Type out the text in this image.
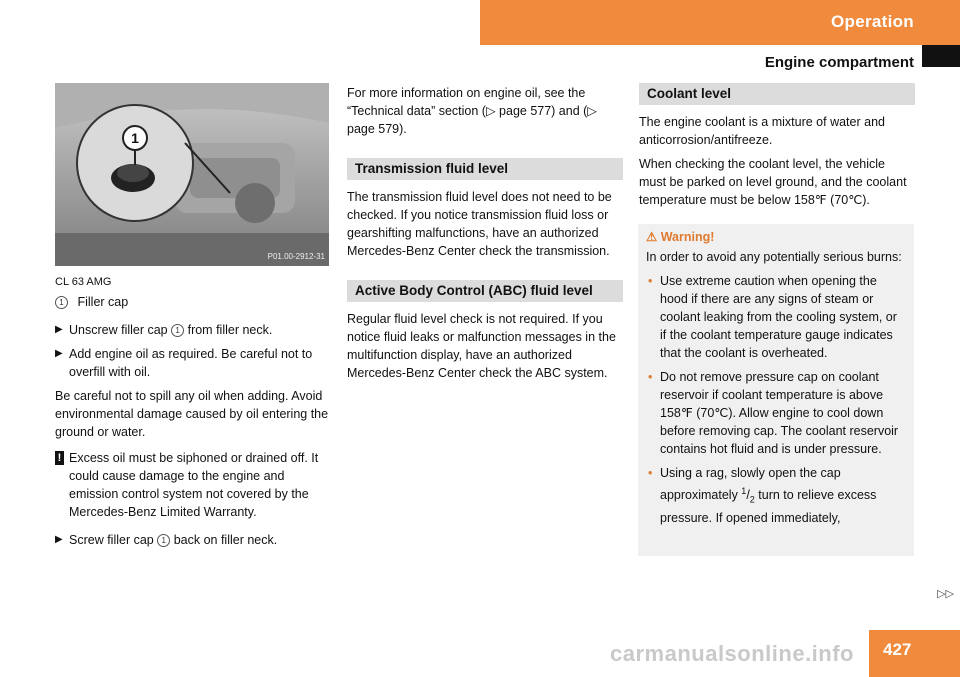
Operation
Engine compartment
1
P01.00-2912-31

CL 63 AMG

1 Filler cap

▶ Unscrew filler cap 1 from filler neck.
▶ Add engine oil as required. Be careful not to overfill with oil.

Be careful not to spill any oil when adding. Avoid environmental damage caused by oil entering the ground or water.

! Excess oil must be siphoned or drained off. It could cause damage to the engine and emission control system not covered by the Mercedes-Benz Limited Warranty.
▶ Screw filler cap 1 back on filler neck.

For more information on engine oil, see the “Technical data” section (▷ page 577) and (▷ page 579).

Transmission fluid level

The transmission fluid level does not need to be checked. If you notice transmission fluid loss or gearshifting malfunctions, have an authorized Mercedes-Benz Center check the transmission.

Active Body Control (ABC) fluid level

Regular fluid level check is not required. If you notice fluid leaks or malfunction messages in the multifunction display, have an authorized Mercedes-Benz Center check the ABC system.

Coolant level

The engine coolant is a mixture of water and anticorrosion/antifreeze.

When checking the coolant level, the vehicle must be parked on level ground, and the coolant temperature must be below 158℉ (70℃).

⚠ Warning!

In order to avoid any potentially serious burns:

• Use extreme caution when opening the hood if there are any signs of steam or coolant leaking from the cooling system, or if the coolant temperature gauge indicates that the coolant is overheated.
• Do not remove pressure cap on coolant reservoir if coolant temperature is above 158℉ (70℃). Allow engine to cool down before removing cap. The coolant reservoir contains hot fluid and is under pressure.
• Using a rag, slowly open the cap approximately $^1/_2$ turn to relieve excess pressure. If opened immediately,
▷▷
427
carmanualsonline.info
